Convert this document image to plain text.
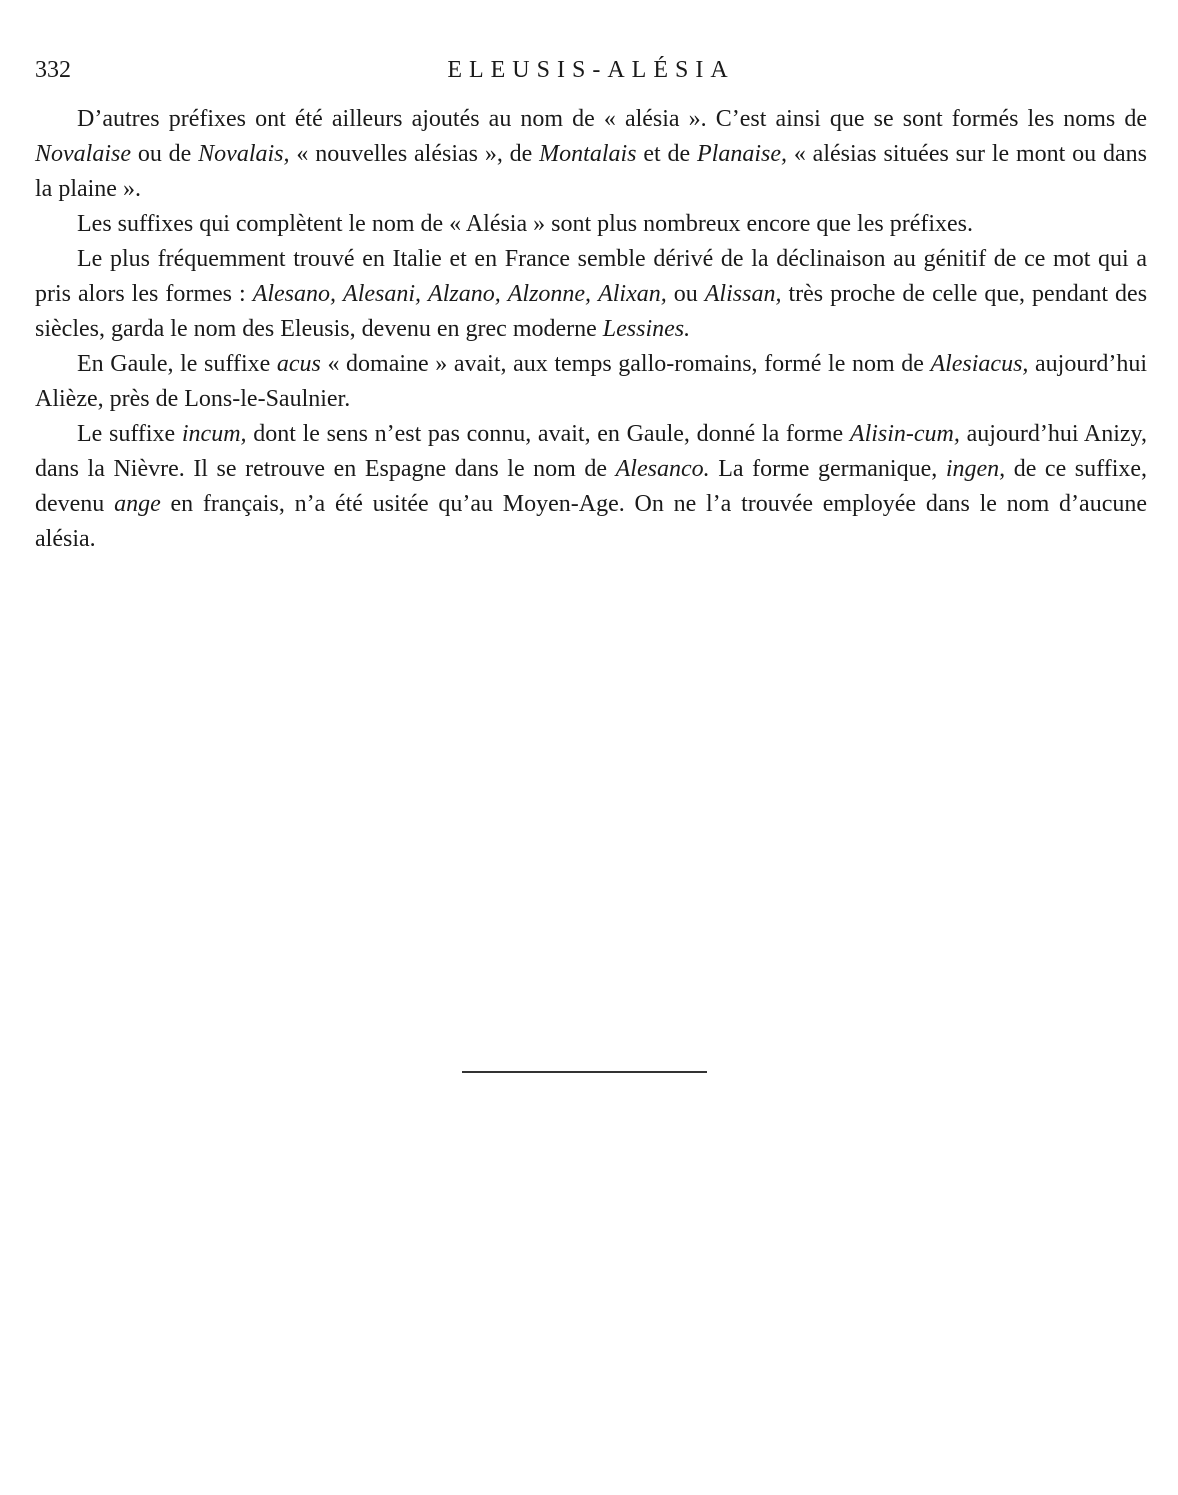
332	ELEUSIS-ALÉSIA

D’autres préfixes ont été ailleurs ajoutés au nom de « alésia ». C’est ainsi que se sont formés les noms de Novalaise ou de Novalais, « nouvelles alésias », de Montalais et de Planaise, « alésias situées sur le mont ou dans la plaine ».

Les suffixes qui complètent le nom de « Alésia » sont plus nombreux encore que les préfixes.

Le plus fréquemment trouvé en Italie et en France semble dérivé de la déclinaison au génitif de ce mot qui a pris alors les formes : Alesano, Alesani, Alzano, Alzonne, Alixan, ou Alissan, très proche de celle que, pendant des siècles, garda le nom des Eleusis, devenu en grec moderne Lessines.

En Gaule, le suffixe acus « domaine » avait, aux temps gallo-romains, formé le nom de Alesiacus, aujourd’hui Alièze, près de Lons-le-Saulnier.

Le suffixe incum, dont le sens n’est pas connu, avait, en Gaule, donné la forme Alisin-cum, aujourd’hui Anizy, dans la Nièvre. Il se retrouve en Espagne dans le nom de Alesanco. La forme germanique, ingen, de ce suffixe, devenu ange en français, n’a été usitée qu’au Moyen-Age. On ne l’a trouvée employée dans le nom d’aucune alésia.
